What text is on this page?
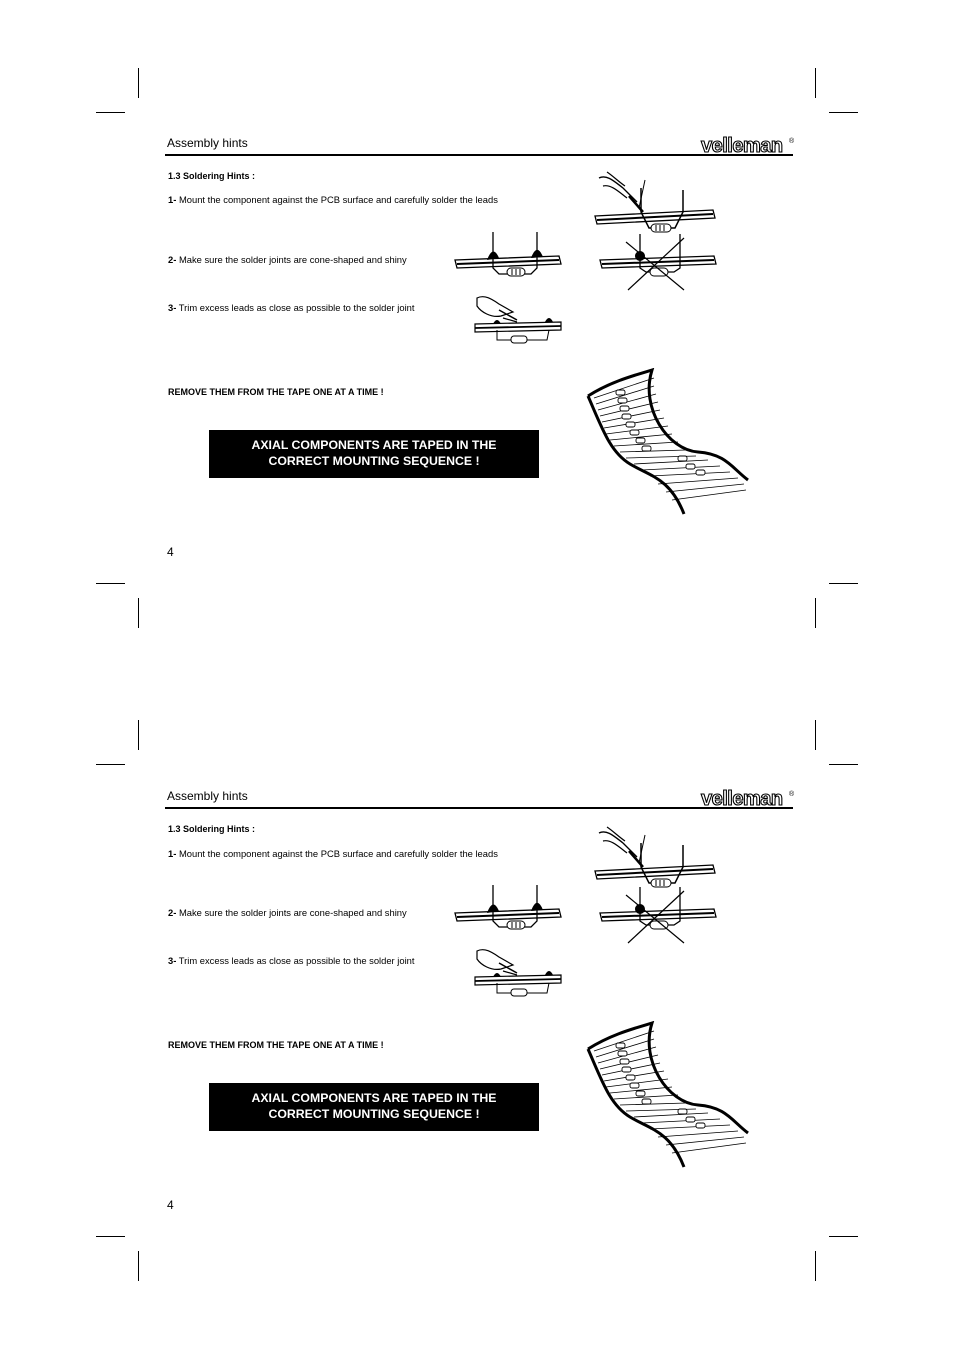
Assembly hints	velleman ®
1.3 Soldering Hints :
1- Mount the component against the PCB surface and carefully solder the leads
2- Make sure the solder joints are cone-shaped and shiny
3- Trim excess leads as close as possible to the solder joint
REMOVE THEM FROM THE TAPE ONE AT A TIME !
AXIAL COMPONENTS ARE TAPED IN THE
CORRECT MOUNTING SEQUENCE !
4
Assembly hints	velleman ®
1.3 Soldering Hints :
1- Mount the component against the PCB surface and carefully solder the leads
2- Make sure the solder joints are cone-shaped and shiny
3- Trim excess leads as close as possible to the solder joint
REMOVE THEM FROM THE TAPE ONE AT A TIME !
AXIAL COMPONENTS ARE TAPED IN THE
CORRECT MOUNTING SEQUENCE !
4
